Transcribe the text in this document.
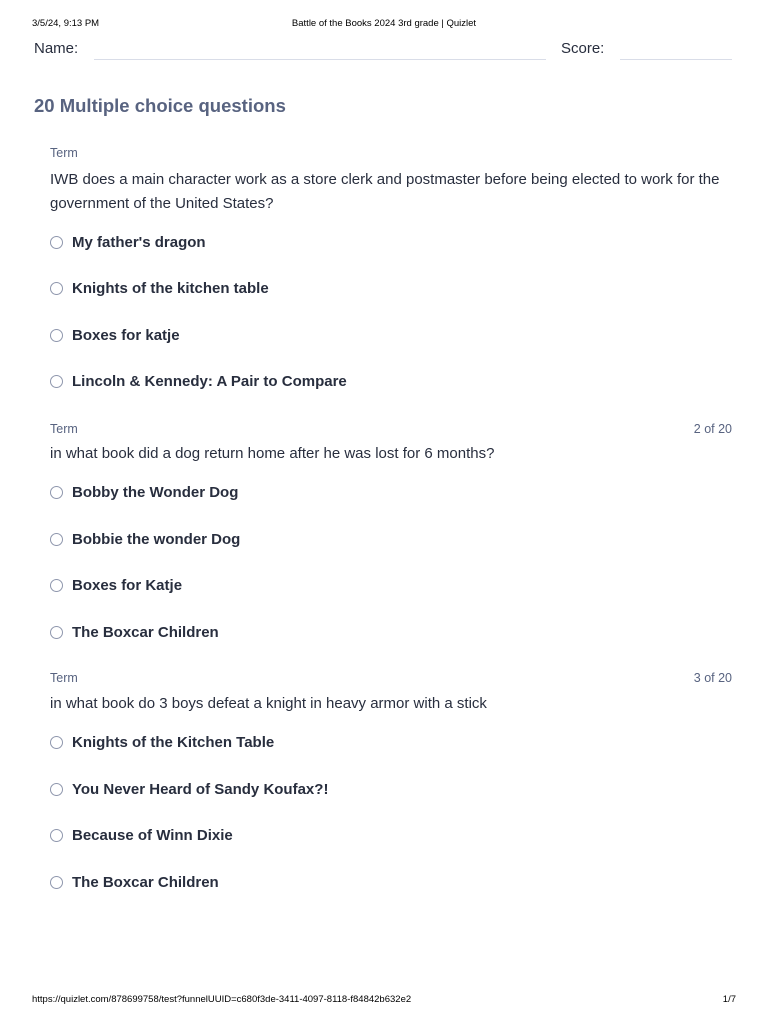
3/5/24, 9:13 PM	Battle of the Books 2024 3rd grade | Quizlet
Name:	Score:
20 Multiple choice questions
Term
IWB does a main character work as a store clerk and postmaster before being elected to work for the government of the United States?
My father's dragon
Knights of the kitchen table
Boxes for katje
Lincoln & Kennedy: A Pair to Compare
Term	2 of 20
in what book did a dog return home after he was lost for 6 months?
Bobby the Wonder Dog
Bobbie the wonder Dog
Boxes for Katje
The Boxcar Children
Term	3 of 20
in what book do 3 boys defeat a knight in heavy armor with a stick
Knights of the Kitchen Table
You Never Heard of Sandy Koufax?!
Because of Winn Dixie
The Boxcar Children
https://quizlet.com/878699758/test?funnelUUID=c680f3de-3411-4097-8118-f84842b632e2	1/7
